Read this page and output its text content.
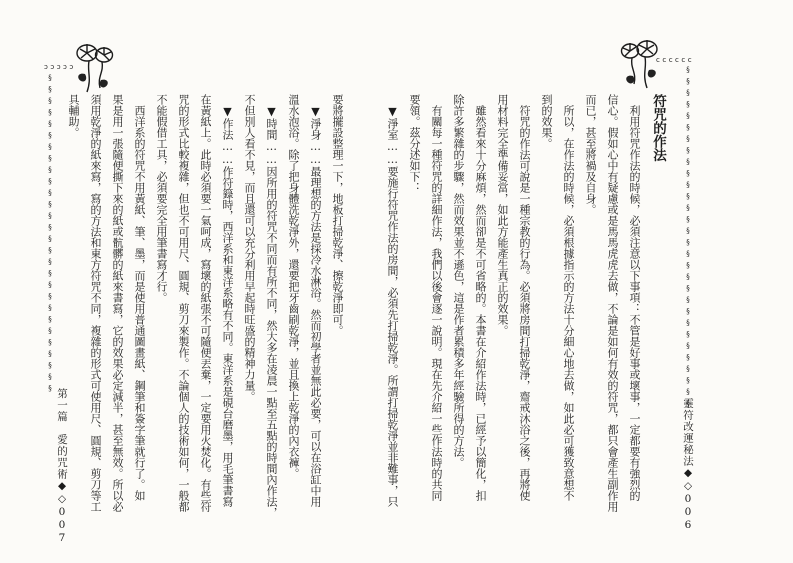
ɔɔɔɔɔ
cccccc
§§§§§§§§§§§§§§§§§§§§§§§§§§§§	§§§§§§§§§§§§§§§§§§§§§§§§§§§§§§
靈符改運秘法◆◇006
第一篇　愛的咒術◆◇007
符咒的作法
　利用符咒作法的時候，必須注意以下事項：不管是好事或壞事，一定都要有強烈的
信心。假如心中有疑慮或是馬馬虎虎去做，不論是如何有效的符咒，都只會產生副作用
而已，甚至將禍及自身。
　所以，在作法的時候，必須根據指示的方法十分細心地去做，如此必可獲致意想不
到的效果。
　符咒的作法可說是一種宗教的行為。必須將房間打掃乾淨，齋戒沐浴之後，再將使
用材料完全準備妥當，如此方能產生真正的效果。
　雖然看來十分麻煩，然而卻是不可省略的。本書在介紹作法時，已經予以簡化，扣
除許多繁雜的步驟，然而效果並不遜色，這是作者累積多年經驗所得的方法。
　有關每一種符咒的詳細作法，我們以後會逐一說明。現在先介紹一些作法時的共同
要領。茲分述如下：
　▼淨室……要施行符咒作法的房間，必須先打掃乾淨。所謂打掃乾淨並非難事，只
要將擺設整理一下，地板打掃乾淨、擦乾淨即可。
　▼淨身……最理想的方法是採冷水淋浴。然而初學者並無此必要，可以在浴缸中用
溫水泡浴。除了把身體洗乾淨外，還要把牙齒刷乾淨，並且換上乾淨的內衣褲。
　▼時間……因所用的符咒不同而有所不同，然大多在凌晨一點至五點的時間內作法，
不但別人看不見，而且還可以充分利用早起時旺盛的精神力量。
　▼作法……作符籙時，西洋系和東洋系略有不同。東洋系是硯台磨墨，用毛筆書寫
在黃紙上。此時必須要一氣呵成，寫壞的紙張不可隨便丟棄，一定要用火焚化。有些符
咒的形式比較複雜，但也不可用尺、圓規、剪刀來製作。不論個人的技術如何，一般都
不能假借工具，必須要完全用筆書寫才行。
　西洋系的符咒不用黃紙、筆、墨，而是使用普通圖畫紙、鋼筆和簽字筆就行了。如
果是用一張隨便撕下來的紙或骯髒的紙來書寫，它的效果必定減半，甚至無效。所以必
須用乾淨的紙來寫，寫的方法和東方符咒不同，複雜的形式可使用尺、圓規、剪刀等工
具輔助。
